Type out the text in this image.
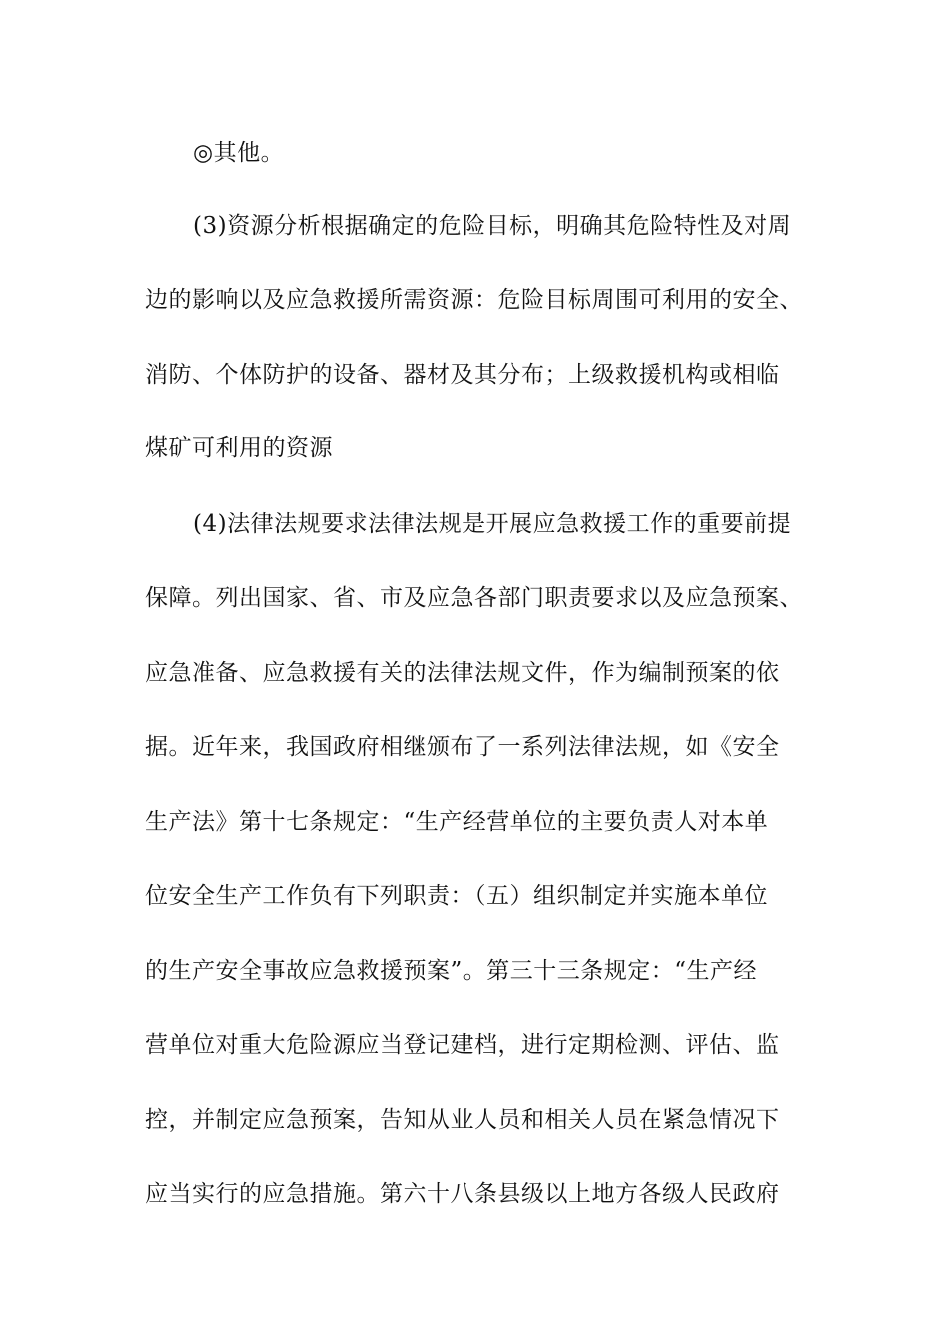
◎其他。
(3)资源分析根据确定的危险目标，明确其危险特性及对周
边的影响以及应急救援所需资源：危险目标周围可利用的安全、
消防、个体防护的设备、器材及其分布；上级救援机构或相临
煤矿可利用的资源
(4)法律法规要求法律法规是开展应急救援工作的重要前提
保障。列出国家、省、市及应急各部门职责要求以及应急预案、
应急准备、应急救援有关的法律法规文件，作为编制预案的依
据。近年来，我国政府相继颁布了一系列法律法规，如《安全
生产法》第十七条规定：“生产经营单位的主要负责人对本单
位安全生产工作负有下列职责：（五）组织制定并实施本单位
的生产安全事故应急救援预案”。第三十三条规定：“生产经
营单位对重大危险源应当登记建档，进行定期检测、评估、监
控，并制定应急预案，告知从业人员和相关人员在紧急情况下
应当实行的应急措施。第六十八条县级以上地方各级人民政府
